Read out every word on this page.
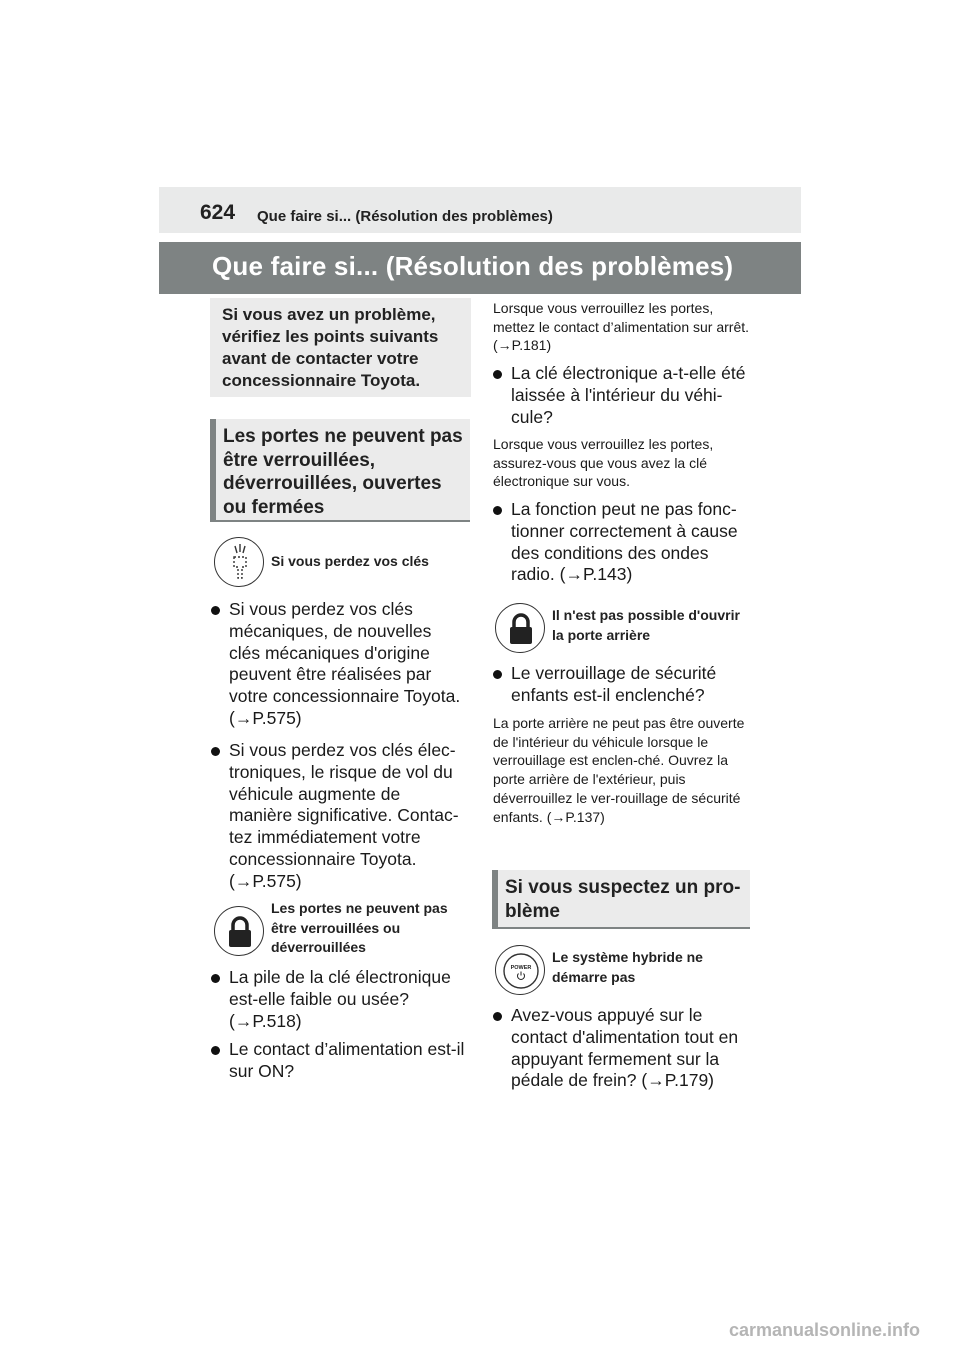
624 Que faire si... (Résolution des problèmes)
Que faire si... (Résolution des problèmes)
Si vous avez un problème, vérifiez les points suivants avant de contacter votre concessionnaire Toyota.
Les portes ne peuvent pas être verrouillées, déverrouillées, ouvertes ou fermées
Si vous perdez vos clés
Si vous perdez vos clés mécaniques, de nouvelles clés mécaniques d'origine peuvent être réalisées par votre concessionnaire Toyota. (→P.575)
Si vous perdez vos clés élec-troniques, le risque de vol du véhicule augmente de manière significative. Contac-tez immédiatement votre concessionnaire Toyota. (→P.575)
Les portes ne peuvent pas être verrouillées ou déverrouillées
La pile de la clé électronique est-elle faible ou usée? (→P.518)
Le contact d’alimentation est-il sur ON?
Lorsque vous verrouillez les portes, mettez le contact d’alimentation sur arrêt. (→P.181)
La clé électronique a-t-elle été laissée à l'intérieur du véhi-cule?
Lorsque vous verrouillez les portes, assurez-vous que vous avez la clé électronique sur vous.
La fonction peut ne pas fonc-tionner correctement à cause des conditions des ondes radio. (→P.143)
Il n'est pas possible d'ouvrir la porte arrière
Le verrouillage de sécurité enfants est-il enclenché?
La porte arrière ne peut pas être ouverte de l'intérieur du véhicule lorsque le verrouillage est enclen-ché. Ouvrez la porte arrière de l'extérieur, puis déverrouillez le ver-rouillage de sécurité enfants. (→P.137)
Si vous suspectez un pro-blème
POWER
Le système hybride ne démarre pas
Avez-vous appuyé sur le contact d'alimentation tout en appuyant fermement sur la pédale de frein? (→P.179)
carmanualsonline.info
